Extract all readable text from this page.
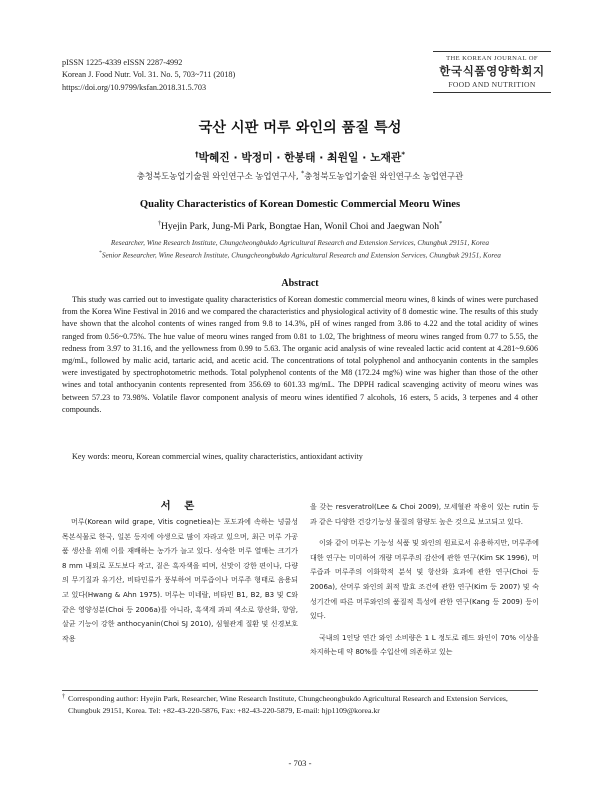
pISSN 1225-4339 eISSN 2287-4992
Korean J. Food Nutr. Vol. 31. No. 5, 703~711 (2018)
https://doi.org/10.9799/ksfan.2018.31.5.703
THE KOREAN JOURNAL OF
한국식품영양학회지
FOOD AND NUTRITION
국산 시판 머루 와인의 품질 특성
†박혜진 · 박정미 · 한봉태 · 최원일 · 노재관*
충청북도농업기술원 와인연구소 농업연구사, *충청북도농업기술원 와인연구소 농업연구관
Quality Characteristics of Korean Domestic Commercial Meoru Wines
†Hyejin Park, Jung-Mi Park, Bongtae Han, Wonil Choi and Jaegwan Noh*
Researcher, Wine Research Institute, Chungcheongbukdo Agricultural Research and Extension Services, Chungbuk 29151, Korea
*Senior Researcher, Wine Research Institute, Chungcheongbukdo Agricultural Research and Extension Services, Chungbuk 29151, Korea
Abstract
This study was carried out to investigate quality characteristics of Korean domestic commercial meoru wines, 8 kinds of wines were purchased from the Korea Wine Festival in 2016 and we compared the characteristics and physiological activity of 8 domestic wine. The results of this study have shown that the alcohol contents of wines ranged from 9.8 to 14.3%, pH of wines ranged from 3.86 to 4.22 and the total acidity of wines ranged from 0.56~0.75%. The hue value of meoru wines ranged from 0.81 to 1.02, The brightness of meoru wines ranged from 0.77 to 5.55, the redness from 3.97 to 31.16, and the yellowness from 0.99 to 5.63. The organic acid analysis of wine revealed lactic acid content at 4.281~9.606 mg/mL, followed by malic acid, tartaric acid, and acetic acid. The concentrations of total polyphenol and anthocyanin contents in the samples were investigated by spectrophotometric methods. Total polyphenol contents of the M8 (172.24 mg%) wine was higher than those of the other wines and total anthocyanin contents represented from 356.69 to 601.33 mg/mL. The DPPH radical scavenging activity of meoru wines was between 57.23 to 73.98%. Volatile flavor component analysis of meoru wines identified 7 alcohols, 16 esters, 5 acids, 3 terpenes and 4 other compounds.
Key words: meoru, Korean commercial wines, quality characteristics, antioxidant activity
서 론

머루(Korean wild grape, Vitis cognetiea)는 포도과에 속하는 넝쿨성 목본식물로 한국, 일본 등지에 야생으로 많이 자라고 있으며, 최근 머루 가공품 생산을 위해 이를 재배하는 농가가 늘고 있다. 성숙한 머루 열매는 크기가 8 mm 내외로 포도보다 작고, 짙은 흑자색을 띠며, 신맛이 강한 편이나, 다량의 무기질과 유기산, 비타민류가 풍부하여 머루즙이나 머루주 형태로 음용되고 있다(Hwang & Ahn 1975). 머루는 미네랄, 비타민 B1, B2, B3 및 C와 같은 영양성분(Choi 등 2006a)를 아니라, 흑색계 과피 색소로 항산화, 항암, 살균 기능이 강한 anthocyanin(Choi SJ 2010), 심혈관계 질환 및 신경보호 작용

을 갖는 resveratrol(Lee & Choi 2009), 모세혈관 작용이 있는 rutin 등과 같은 다양한 건강기능성 물질의 함량도 높은 것으로 보고되고 있다.

이와 같이 머루는 기능성 식품 및 와인의 원료로서 유용하지만, 머루주에 대한 연구는 미미하여 개량 머루주의 감산에 관한 연구(Kim SK 1996), 머루즙과 머루주의 이화학적 분석 및 항산화 효과에 관한 연구(Choi 등 2006a), 산머루 와인의 최적 발효 조건에 관한 연구(Kim 등 2007) 및 숙성기간에 따른 머루와인의 품질적 특성에 관한 연구(Kang 등 2009) 등이 있다.

국내의 1인당 연간 와인 소비량은 1 L 정도로 레드 와인이 70% 이상을 차지하는데 약 80%를 수입산에 의존하고 있는

† Corresponding author: Hyejin Park, Researcher, Wine Research Institute, Chungcheongbukdo Agricultural Research and Extension Services, Chungbuk 29151, Korea. Tel: +82-43-220-5876, Fax: +82-43-220-5879, E-mail: hjp1109@korea.kr
- 703 -
